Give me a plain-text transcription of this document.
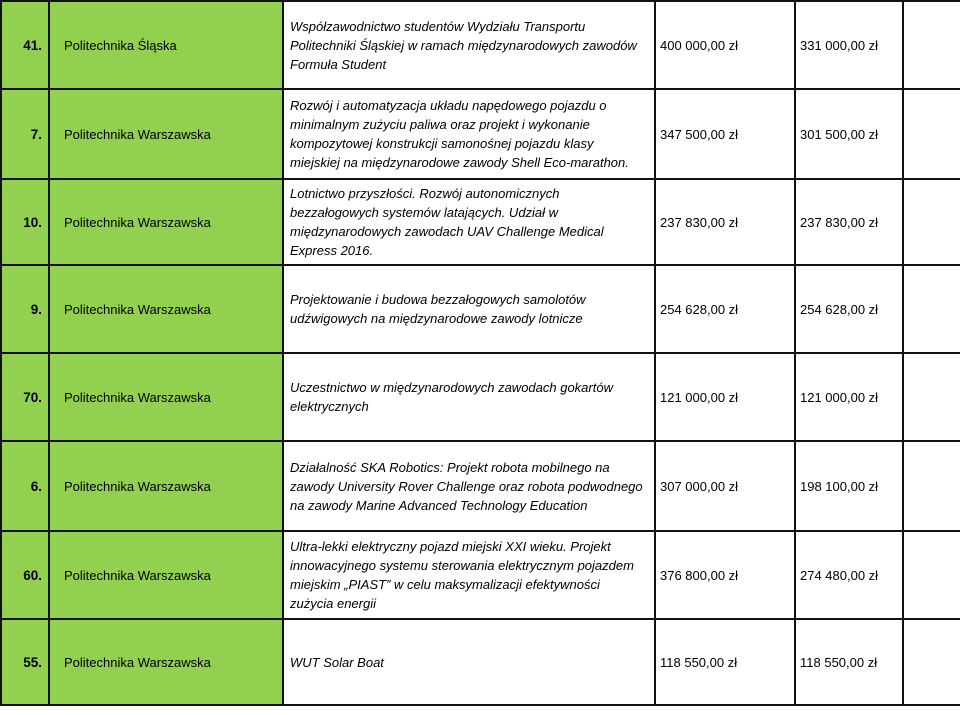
41.	Politechnika Śląska	Współzawodnictwo studentów Wydziału Transportu Politechniki Śląskiej w ramach międzynarodowych zawodów Formuła Student	400 000,00 zł	331 000,00 zł	
7.	Politechnika Warszawska	Rozwój i automatyzacja układu napędowego pojazdu o minimalnym zużyciu paliwa oraz projekt i wykonanie kompozytowej konstrukcji samonośnej pojazdu klasy miejskiej na międzynarodowe zawody Shell Eco-marathon.	347 500,00 zł	301 500,00 zł	
10.	Politechnika Warszawska	Lotnictwo przyszłości. Rozwój autonomicznych bezzałogowych systemów latających. Udział w międzynarodowych zawodach UAV Challenge Medical Express 2016.	237 830,00 zł	237 830,00 zł	
9.	Politechnika Warszawska	Projektowanie i budowa bezzałogowych samolotów udźwigowych na międzynarodowe zawody lotnicze	254 628,00 zł	254 628,00 zł	
70.	Politechnika Warszawska	Uczestnictwo w międzynarodowych zawodach gokartów elektrycznych	121 000,00 zł	121 000,00 zł	
6.	Politechnika Warszawska	Działalność SKA Robotics: Projekt robota mobilnego na zawody University Rover Challenge oraz robota podwodnego na zawody Marine Advanced Technology Education	307 000,00 zł	198 100,00 zł	
60.	Politechnika Warszawska	Ultra-lekki elektryczny pojazd miejski XXI wieku. Projekt innowacyjnego systemu sterowania elektrycznym pojazdem miejskim „PIAST” w celu maksymalizacji efektywności zużycia energii	376 800,00 zł	274 480,00 zł	
55.	Politechnika Warszawska	WUT Solar Boat	118 550,00 zł	118 550,00 zł	
